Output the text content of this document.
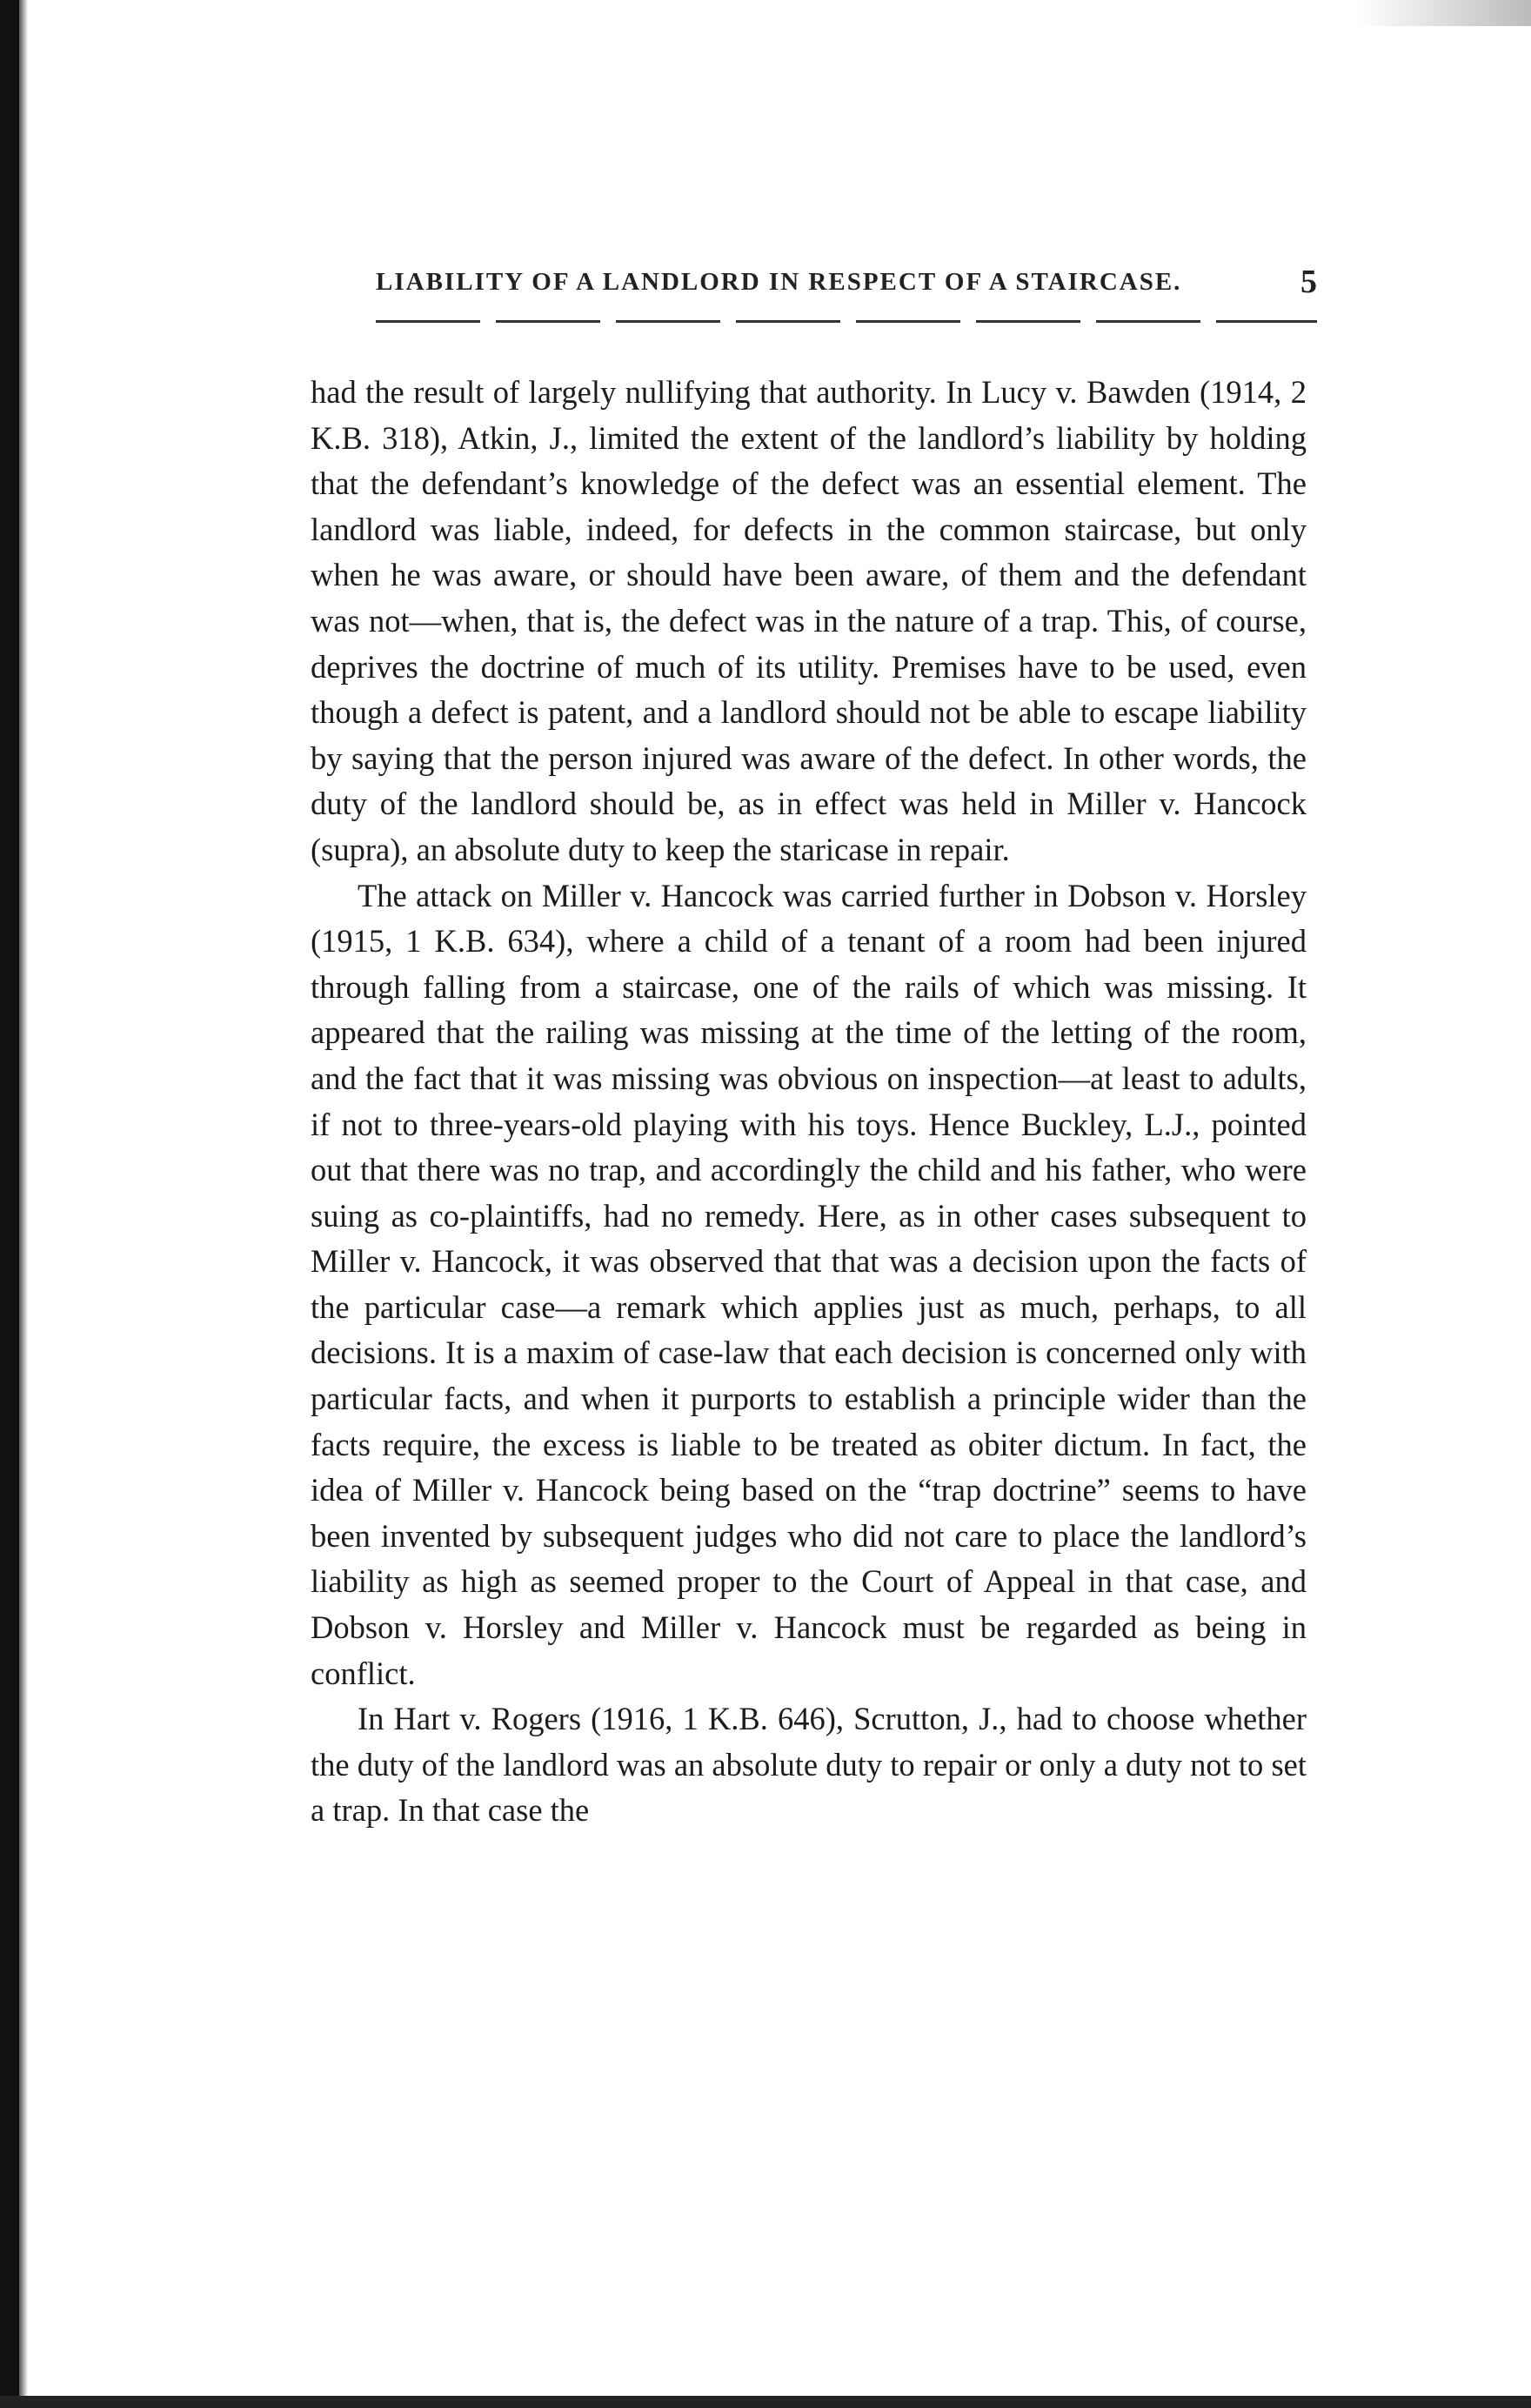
LIABILITY OF A LANDLORD IN RESPECT OF A STAIRCASE.	5

had the result of largely nullifying that authority. In Lucy v. Bawden (1914, 2 K.B. 318), Atkin, J., limited the extent of the landlord’s liability by holding that the defendant’s knowledge of the defect was an essential element. The landlord was liable, indeed, for defects in the common staircase, but only when he was aware, or should have been aware, of them and the defendant was not—when, that is, the defect was in the nature of a trap. This, of course, deprives the doctrine of much of its utility. Premises have to be used, even though a defect is patent, and a landlord should not be able to escape liability by saying that the person injured was aware of the defect. In other words, the duty of the landlord should be, as in effect was held in Miller v. Hancock (supra), an absolute duty to keep the staricase in repair.

The attack on Miller v. Hancock was carried further in Dobson v. Horsley (1915, 1 K.B. 634), where a child of a tenant of a room had been injured through falling from a staircase, one of the rails of which was missing. It appeared that the railing was missing at the time of the letting of the room, and the fact that it was missing was obvious on inspection—at least to adults, if not to three-years-old playing with his toys. Hence Buckley, L.J., pointed out that there was no trap, and accordingly the child and his father, who were suing as co-plaintiffs, had no remedy. Here, as in other cases subsequent to Miller v. Hancock, it was observed that that was a decision upon the facts of the particular case—a remark which applies just as much, perhaps, to all decisions. It is a maxim of case-law that each decision is concerned only with particular facts, and when it purports to establish a principle wider than the facts require, the excess is liable to be treated as obiter dictum. In fact, the idea of Miller v. Hancock being based on the “trap doctrine” seems to have been invented by subsequent judges who did not care to place the landlord’s liability as high as seemed proper to the Court of Appeal in that case, and Dobson v. Horsley and Miller v. Hancock must be regarded as being in conflict.

In Hart v. Rogers (1916, 1 K.B. 646), Scrutton, J., had to choose whether the duty of the landlord was an absolute duty to repair or only a duty not to set a trap. In that case the
